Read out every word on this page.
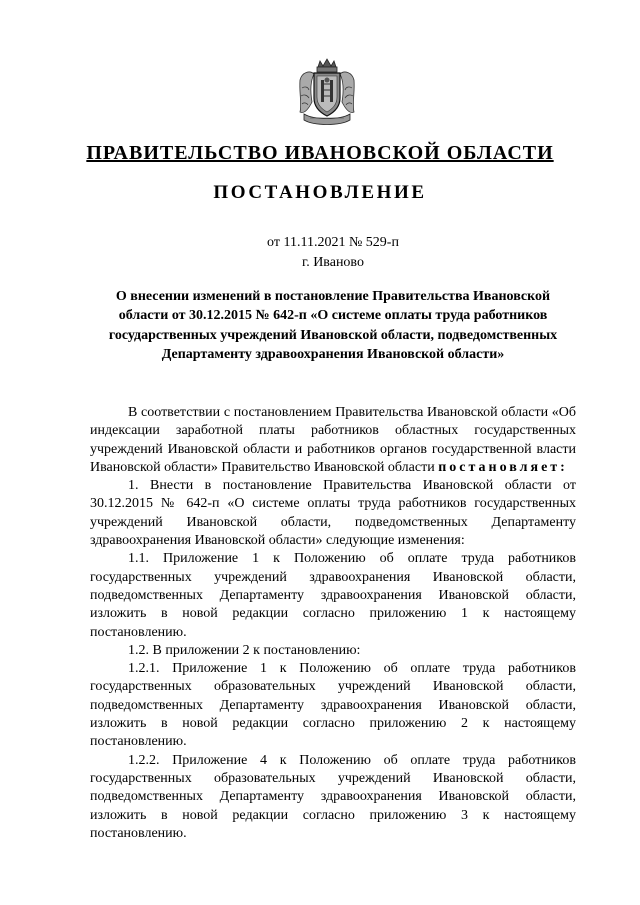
ПРАВИТЕЛЬСТВО ИВАНОВСКОЙ ОБЛАСТИ
ПОСТАНОВЛЕНИЕ
от 11.11.2021 № 529-п
г. Иваново
О внесении изменений в постановление Правительства Ивановской области от 30.12.2015 № 642-п «О системе оплаты труда работников государственных учреждений Ивановской области, подведомственных Департаменту здравоохранения Ивановской области»

В соответствии с постановлением Правительства Ивановской области «Об индексации заработной платы работников областных государственных учреждений Ивановской области и работников органов государственной власти Ивановской области» Правительство Ивановской области постановляет:

1. Внести в постановление Правительства Ивановской области от 30.12.2015 № 642-п «О системе оплаты труда работников государственных учреждений Ивановской области, подведомственных Департаменту здравоохранения Ивановской области» следующие изменения:

1.1. Приложение 1 к Положению об оплате труда работников государственных учреждений здравоохранения Ивановской области, подведомственных Департаменту здравоохранения Ивановской области, изложить в новой редакции согласно приложению 1 к настоящему постановлению.

1.2. В приложении 2 к постановлению:

1.2.1. Приложение 1 к Положению об оплате труда работников государственных образовательных учреждений Ивановской области, подведомственных Департаменту здравоохранения Ивановской области, изложить в новой редакции согласно приложению 2 к настоящему постановлению.

1.2.2. Приложение 4 к Положению об оплате труда работников государственных образовательных учреждений Ивановской области, подведомственных Департаменту здравоохранения Ивановской области, изложить в новой редакции согласно приложению 3 к настоящему постановлению.
